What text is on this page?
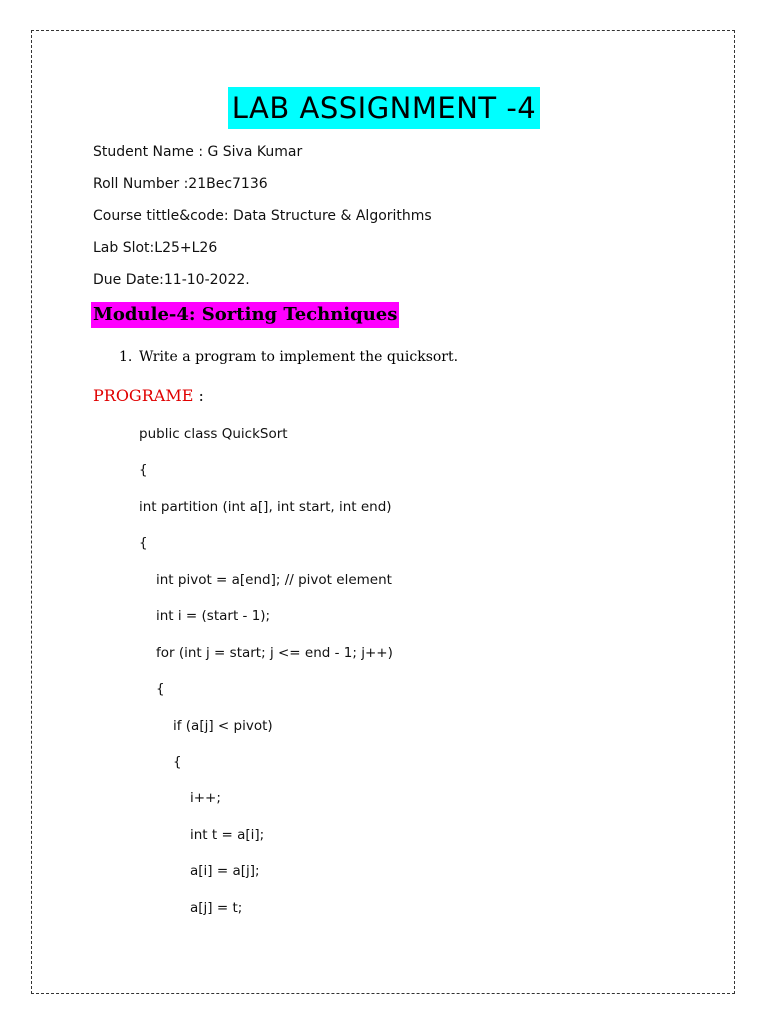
LAB ASSIGNMENT -4
Student Name : G Siva Kumar
Roll Number :21Bec7136
Course tittle&code: Data Structure & Algorithms
Lab Slot:L25+L26
Due Date:11-10-2022.
Module-4: Sorting Techniques
1. Write a program to implement the quicksort.
PROGRAME :
public class QuickSort
{
int partition (int a[], int start, int end)
{
int pivot = a[end]; // pivot element
int i = (start - 1);
for (int j = start; j <= end - 1; j++)
{
if (a[j] < pivot)
{
i++;
int t = a[i];
a[i] = a[j];
a[j] = t;
